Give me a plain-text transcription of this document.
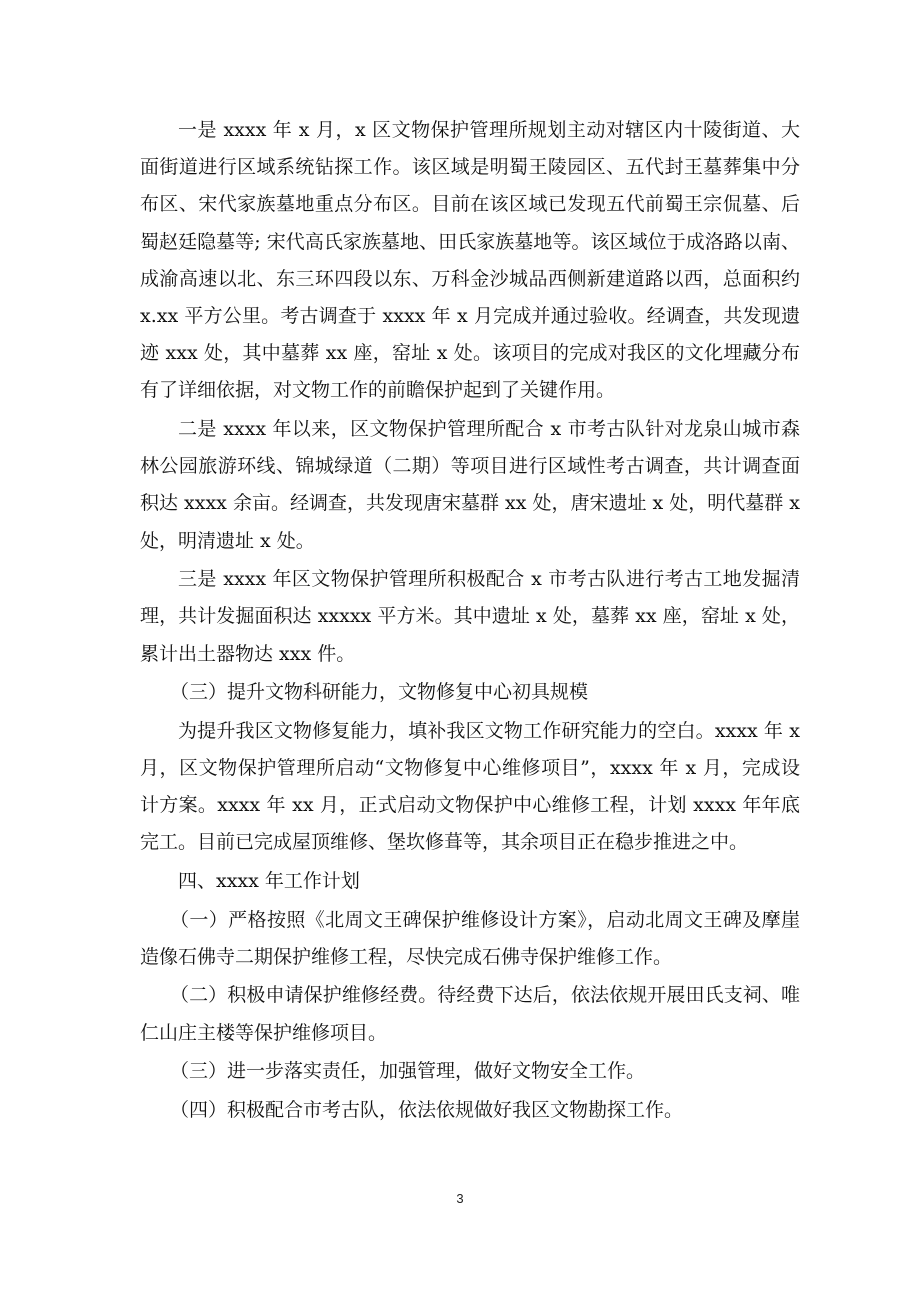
一是 xxxx 年 x 月，x 区文物保护管理所规划主动对辖区内十陵街道、大面街道进行区域系统钻探工作。该区域是明蜀王陵园区、五代封王墓葬集中分布区、宋代家族墓地重点分布区。目前在该区域已发现五代前蜀王宗侃墓、后蜀赵廷隐墓等; 宋代高氏家族墓地、田氏家族墓地等。该区域位于成洛路以南、成渝高速以北、东三环四段以东、万科金沙城品西侧新建道路以西，总面积约 x.xx 平方公里。考古调查于 xxxx 年 x 月完成并通过验收。经调查，共发现遗迹 xxx 处，其中墓葬 xx 座，窑址 x 处。该项目的完成对我区的文化埋藏分布有了详细依据，对文物工作的前瞻保护起到了关键作用。

二是 xxxx 年以来，区文物保护管理所配合 x 市考古队针对龙泉山城市森林公园旅游环线、锦城绿道（二期）等项目进行区域性考古调查，共计调查面积达 xxxx 余亩。经调查，共发现唐宋墓群 xx 处，唐宋遗址 x 处，明代墓群 x 处，明清遗址 x 处。

三是 xxxx 年区文物保护管理所积极配合 x 市考古队进行考古工地发掘清理，共计发掘面积达 xxxxx 平方米。其中遗址 x 处，墓葬 xx 座，窑址 x 处，累计出土器物达 xxx 件。

（三）提升文物科研能力，文物修复中心初具规模

为提升我区文物修复能力，填补我区文物工作研究能力的空白。xxxx 年 x 月，区文物保护管理所启动“文物修复中心维修项目”，xxxx 年 x 月，完成设计方案。xxxx 年 xx 月，正式启动文物保护中心维修工程，计划 xxxx 年年底完工。目前已完成屋顶维修、堡坎修葺等，其余项目正在稳步推进之中。

四、xxxx 年工作计划

（一）严格按照《北周文王碑保护维修设计方案》，启动北周文王碑及摩崖造像石佛寺二期保护维修工程，尽快完成石佛寺保护维修工作。

（二）积极申请保护维修经费。待经费下达后，依法依规开展田氏支祠、唯仁山庄主楼等保护维修项目。

（三）进一步落实责任，加强管理，做好文物安全工作。

（四）积极配合市考古队，依法依规做好我区文物勘探工作。

3
